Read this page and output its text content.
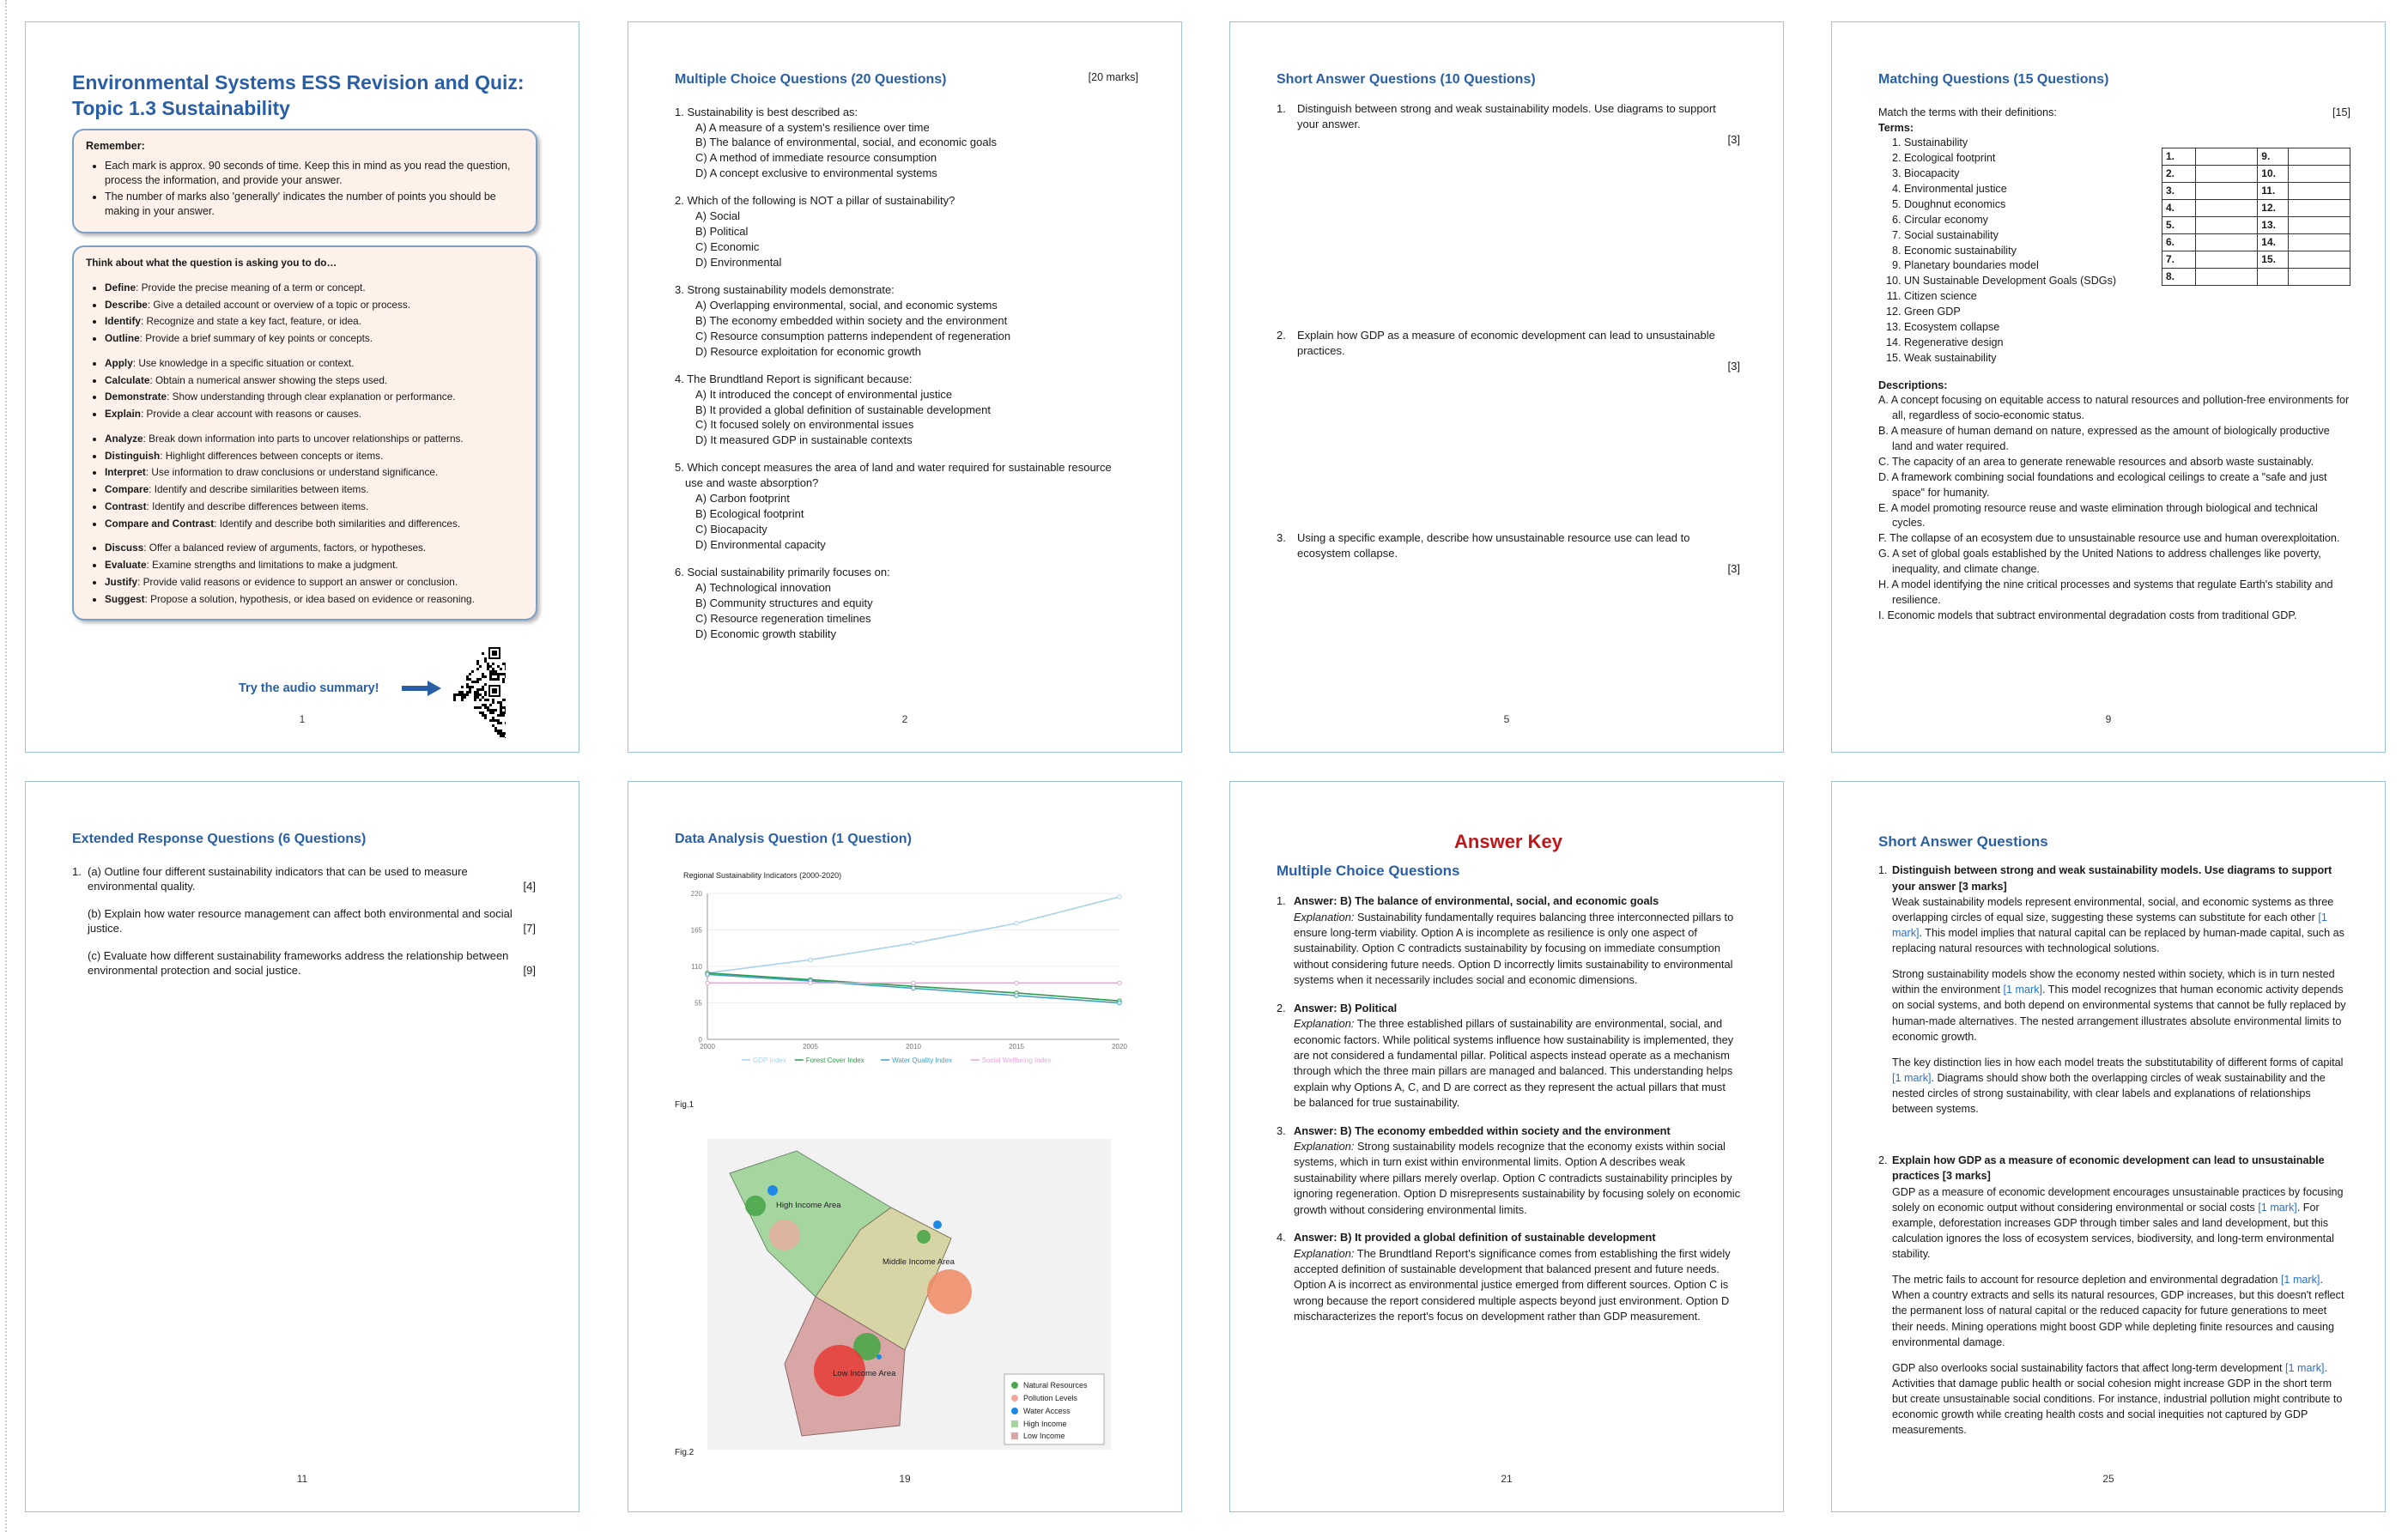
Environmental Systems ESS Revision and Quiz:
Topic 1.3 Sustainability
Remember:
• Each mark is approx. 90 seconds of time. Keep this in mind as you read the question, process the information, and provide your answer.
• The number of marks also 'generally' indicates the number of points you should be making in your answer.
Think about what the question is asking you to do…
• Define: Provide the precise meaning of a term or concept.
• Describe: Give a detailed account or overview of a topic or process.
• Identify: Recognize and state a key fact, feature, or idea.
• Outline: Provide a brief summary of key points or concepts.
• Apply: Use knowledge in a specific situation or context.
• Calculate: Obtain a numerical answer showing the steps used.
• Demonstrate: Show understanding through clear explanation or performance.
• Explain: Provide a clear account with reasons or causes.
• Analyze: Break down information into parts to uncover relationships or patterns.
• Distinguish: Highlight differences between concepts or items.
• Interpret: Use information to draw conclusions or understand significance.
• Compare: Identify and describe similarities between items.
• Contrast: Identify and describe differences between items.
• Compare and Contrast: Identify and describe both similarities and differences.
• Discuss: Offer a balanced review of arguments, factors, or hypotheses.
• Evaluate: Examine strengths and limitations to make a judgment.
• Justify: Provide valid reasons or evidence to support an answer or conclusion.
• Suggest: Propose a solution, hypothesis, or idea based on evidence or reasoning.
Try the audio summary!
1
[20 marks]
Multiple Choice Questions (20 Questions)
1. Sustainability is best described as:
A) A measure of a system's resilience over time
B) The balance of environmental, social, and economic goals
C) A method of immediate resource consumption
D) A concept exclusive to environmental systems
2. Which of the following is NOT a pillar of sustainability?
A) Social
B) Political
C) Economic
D) Environmental
3. Strong sustainability models demonstrate:
A) Overlapping environmental, social, and economic systems
B) The economy embedded within society and the environment
C) Resource consumption patterns independent of regeneration
D) Resource exploitation for economic growth
4. The Brundtland Report is significant because:
A) It introduced the concept of environmental justice
B) It provided a global definition of sustainable development
C) It focused solely on environmental issues
D) It measured GDP in sustainable contexts
5. Which concept measures the area of land and water required for sustainable resource
use and waste absorption?
A) Carbon footprint
B) Ecological footprint
C) Biocapacity
D) Environmental capacity
6. Social sustainability primarily focuses on:
A) Technological innovation
B) Community structures and equity
C) Resource regeneration timelines
D) Economic growth stability
2
Short Answer Questions (10 Questions)
1.	Distinguish between strong and weak sustainability models. Use diagrams to support your answer.
[3]
2.	Explain how GDP as a measure of economic development can lead to unsustainable practices.
[3]
3.	Using a specific example, describe how unsustainable resource use can lead to ecosystem collapse.
[3]
5
Matching Questions (15 Questions)
[15]
Match the terms with their definitions:
Terms:
1. Sustainability
2. Ecological footprint
3. Biocapacity
4. Environmental justice
5. Doughnut economics
6. Circular economy
7. Social sustainability
8. Economic sustainability
9. Planetary boundaries model
10. UN Sustainable Development Goals (SDGs)
11. Citizen science
12. Green GDP
13. Ecosystem collapse
14. Regenerative design
15. Weak sustainability
1.		9.	
2.		10.	
3.		11.	
4.		12.	
5.		13.	
6.		14.	
7.		15.	
8.			
Descriptions:
A. A concept focusing on equitable access to natural resources and pollution-free environments for all, regardless of socio-economic status.
B. A measure of human demand on nature, expressed as the amount of biologically productive land and water required.
C. The capacity of an area to generate renewable resources and absorb waste sustainably.
D. A framework combining social foundations and ecological ceilings to create a "safe and just space" for humanity.
E. A model promoting resource reuse and waste elimination through biological and technical cycles.
F. The collapse of an ecosystem due to unsustainable resource use and human overexploitation.
G. A set of global goals established by the United Nations to address challenges like poverty, inequality, and climate change.
H. A model identifying the nine critical processes and systems that regulate Earth's stability and resilience.
I. Economic models that subtract environmental degradation costs from traditional GDP.
9
Extended Response Questions (6 Questions)
1. (a) Outline four different sustainability indicators that can be used to measure environmental quality.	[4]
(b) Explain how water resource management can affect both environmental and social justice.	[7]
(c) Evaluate how different sustainability frameworks address the relationship between environmental protection and social justice.	[9]
11
Data Analysis Question (1 Question)
Regional Sustainability Indicators (2000-2020)
0
55
110
165
220
2000	2005	2010	2015	2020
GDP Index	Forest Cover Index	Water Quality Index	Social Wellbeing Index
Fig.1
High Income Area
Middle Income Area
Low Income Area
Natural Resources
Pollution Levels
Water Access
High Income
Low Income
Fig.2
19
Answer Key
Multiple Choice Questions
1. Answer: B) The balance of environmental, social, and economic goals
Explanation: Sustainability fundamentally requires balancing three interconnected pillars to ensure long-term viability. Option A is incomplete as resilience is only one aspect of sustainability. Option C contradicts sustainability by focusing on immediate consumption without considering future needs. Option D incorrectly limits sustainability to environmental systems when it necessarily includes social and economic dimensions.
2. Answer: B) Political
Explanation: The three established pillars of sustainability are environmental, social, and economic factors. While political systems influence how sustainability is implemented, they are not considered a fundamental pillar. Political aspects instead operate as a mechanism through which the three main pillars are managed and balanced. This understanding helps explain why Options A, C, and D are correct as they represent the actual pillars that must be balanced for true sustainability.
3. Answer: B) The economy embedded within society and the environment
Explanation: Strong sustainability models recognize that the economy exists within social systems, which in turn exist within environmental limits. Option A describes weak sustainability where pillars merely overlap. Option C contradicts sustainability principles by ignoring regeneration. Option D misrepresents sustainability by focusing solely on economic growth without considering environmental limits.
4. Answer: B) It provided a global definition of sustainable development
Explanation: The Brundtland Report's significance comes from establishing the first widely accepted definition of sustainable development that balanced present and future needs. Option A is incorrect as environmental justice emerged from different sources. Option C is wrong because the report considered multiple aspects beyond just environment. Option D mischaracterizes the report's focus on development rather than GDP measurement.
21
Short Answer Questions
1. Distinguish between strong and weak sustainability models. Use diagrams to support your answer [3 marks]
Weak sustainability models represent environmental, social, and economic systems as three overlapping circles of equal size, suggesting these systems can substitute for each other [1 mark]. This model implies that natural capital can be replaced by human-made capital, such as replacing natural resources with technological solutions.
Strong sustainability models show the economy nested within society, which is in turn nested within the environment [1 mark]. This model recognizes that human economic activity depends on social systems, and both depend on environmental systems that cannot be fully replaced by human-made alternatives. The nested arrangement illustrates absolute environmental limits to economic growth.
The key distinction lies in how each model treats the substitutability of different forms of capital [1 mark]. Diagrams should show both the overlapping circles of weak sustainability and the nested circles of strong sustainability, with clear labels and explanations of relationships between systems.
2. Explain how GDP as a measure of economic development can lead to unsustainable practices [3 marks]
GDP as a measure of economic development encourages unsustainable practices by focusing solely on economic output without considering environmental or social costs [1 mark]. For example, deforestation increases GDP through timber sales and land development, but this calculation ignores the loss of ecosystem services, biodiversity, and long-term environmental stability.
The metric fails to account for resource depletion and environmental degradation [1 mark]. When a country extracts and sells its natural resources, GDP increases, but this doesn't reflect the permanent loss of natural capital or the reduced capacity for future generations to meet their needs. Mining operations might boost GDP while depleting finite resources and causing environmental damage.
GDP also overlooks social sustainability factors that affect long-term development [1 mark]. Activities that damage public health or social cohesion might increase GDP in the short term but create unsustainable social conditions. For instance, industrial pollution might contribute to economic growth while creating health costs and social inequities not captured by GDP measurements.
25
